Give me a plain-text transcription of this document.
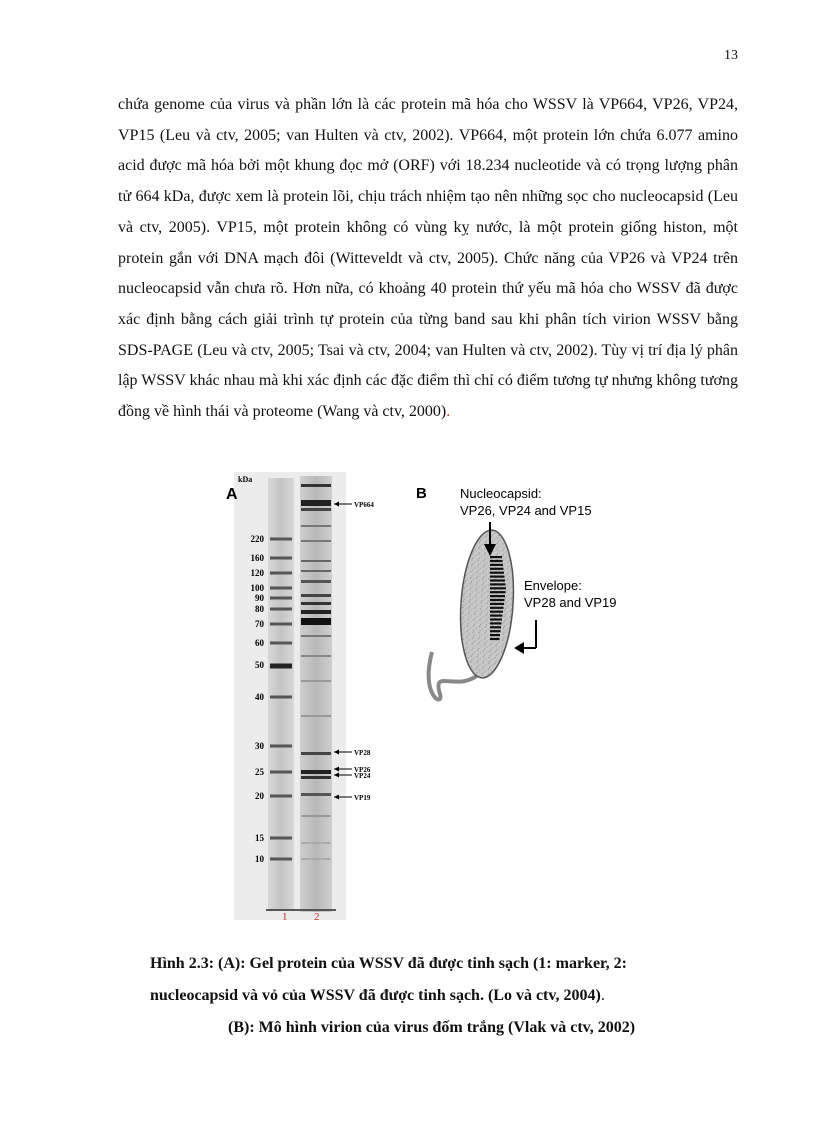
13

chứa genome của virus và phần lớn là các protein mã hóa cho WSSV là VP664, VP26, VP24, VP15 (Leu và ctv, 2005; van Hulten và ctv, 2002). VP664, một protein lớn chứa 6.077 amino acid được mã hóa bởi một khung đọc mở (ORF) với 18.234 nucleotide và có trọng lượng phân tử 664 kDa, được xem là protein lõi, chịu trách nhiệm tạo nên những sọc cho nucleocapsid (Leu và ctv, 2005). VP15, một protein không có vùng kỵ nước, là một protein giống histon, một protein gắn với DNA mạch đôi (Witteveldt và ctv, 2005). Chức năng của VP26 và VP24 trên nucleocapsid vẫn chưa rõ. Hơn nữa, có khoảng 40 protein thứ yếu mã hóa cho WSSV đã được xác định bằng cách giải trình tự protein của từng band sau khi phân tích virion WSSV bằng SDS-PAGE (Leu và ctv, 2005; Tsai và ctv, 2004; van Hulten và ctv, 2002). Tùy vị trí địa lý phân lập WSSV khác nhau mà khi xác định các đặc điểm thì chỉ có điểm tương tự nhưng không tương đồng về hình thái và proteome (Wang và ctv, 2000).

A
kDa
220
160
120
100
90
80
70
60
50
40
30
25
20
15
10
VP664
VP28
VP26
VP24
VP19
1 2
B	Nucleocapsid:
VP26, VP24 and VP15
Envelope:
VP28 and VP19
Hình 2.3: (A): Gel protein của WSSV đã được tinh sạch (1: marker, 2:
nucleocapsid và vỏ của WSSV đã được tinh sạch. (Lo và ctv, 2004).
(B): Mô hình virion của virus đốm trắng (Vlak và ctv, 2002)
